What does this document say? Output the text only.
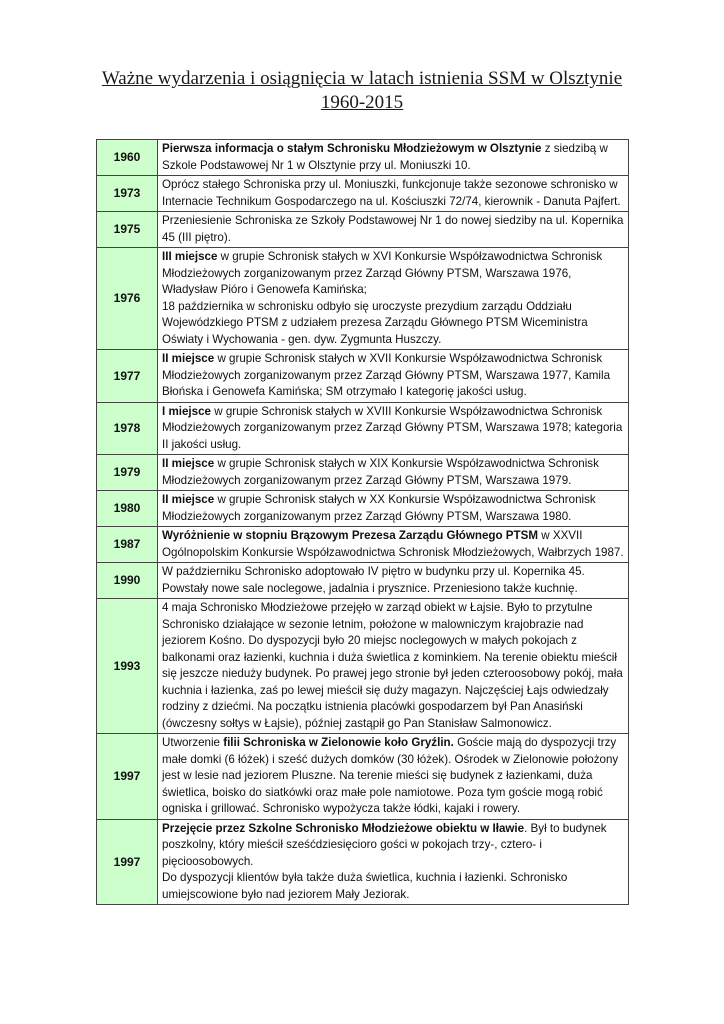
Ważne wydarzenia i osiągnięcia w latach istnienia SSM w Olsztynie
1960-2015
1960	Pierwsza informacja o stałym Schronisku Młodzieżowym w Olsztynie z siedzibą w Szkole Podstawowej Nr 1 w Olsztynie przy ul. Moniuszki 10.

1973	Oprócz stałego Schroniska przy ul. Moniuszki, funkcjonuje także sezonowe schronisko w Internacie Technikum Gospodarczego na ul. Kościuszki 72/74, kierownik - Danuta Pajfert.

1975	Przeniesienie Schroniska ze Szkoły Podstawowej Nr 1 do nowej siedziby na ul. Kopernika 45 (III piętro).

1976	III miejsce w grupie Schronisk stałych w XVI Konkursie Współzawodnictwa Schronisk Młodzieżowych zorganizowanym przez Zarząd Główny PTSM, Warszawa 1976, Władysław Pióro i Genowefa Kamińska;
18 października w schronisku odbyło się uroczyste prezydium zarządu Oddziału Wojewódzkiego PTSM z udziałem prezesa Zarządu Głównego PTSM Wiceministra Oświaty i Wychowania - gen. dyw. Zygmunta Huszczy.

1977	II miejsce w grupie Schronisk stałych w XVII Konkursie Współzawodnictwa Schronisk Młodzieżowych zorganizowanym przez Zarząd Główny PTSM, Warszawa 1977, Kamila Błońska i Genowefa Kamińska; SM otrzymało I kategorię jakości usług.

1978	I miejsce w grupie Schronisk stałych w XVIII Konkursie Współzawodnictwa Schronisk Młodzieżowych zorganizowanym przez Zarząd Główny PTSM, Warszawa 1978; kategoria II jakości usług.

1979	II miejsce w grupie Schronisk stałych w XIX Konkursie Współzawodnictwa Schronisk Młodzieżowych zorganizowanym przez Zarząd Główny PTSM, Warszawa 1979.

1980	II miejsce w grupie Schronisk stałych w XX Konkursie Współzawodnictwa Schronisk Młodzieżowych zorganizowanym przez Zarząd Główny PTSM, Warszawa 1980.

1987	Wyróżnienie w stopniu Brązowym Prezesa Zarządu Głównego PTSM w XXVII Ogólnopolskim Konkursie Współzawodnictwa Schronisk Młodzieżowych, Wałbrzych 1987.

1990	W październiku Schronisko adoptowało IV piętro w budynku przy ul. Kopernika 45. Powstały nowe sale noclegowe, jadalnia i prysznice. Przeniesiono także kuchnię.

1993	4 maja Schronisko Młodzieżowe przejęło w zarząd obiekt w Łajsie. Było to przytulne Schronisko działające w sezonie letnim, położone w malowniczym krajobrazie nad jeziorem Kośno. Do dyspozycji było 20 miejsc noclegowych w małych pokojach z balkonami oraz łazienki, kuchnia i duża świetlica z kominkiem. Na terenie obiektu mieścił się jeszcze nieduży budynek. Po prawej jego stronie był jeden czteroosobowy pokój, mała kuchnia i łazienka, zaś po lewej mieścił się duży magazyn. Najczęściej Łajs odwiedzały rodziny z dziećmi. Na początku istnienia placówki gospodarzem był Pan Anasiński (ówczesny sołtys w Łajsie), później zastąpił go Pan Stanisław Salmonowicz.

1997	Utworzenie filii Schroniska w Zielonowie koło Gryźlin. Goście mają do dyspozycji trzy małe domki (6 łóżek) i sześć dużych domków (30 łóżek). Ośrodek w Zielonowie położony jest w lesie nad jeziorem Pluszne. Na terenie mieści się budynek z łazienkami, duża świetlica, boisko do siatkówki oraz małe pole namiotowe. Poza tym goście mogą robić ogniska i grillować. Schronisko wypożycza także łódki, kajaki i rowery.

1997	Przejęcie przez Szkolne Schronisko Młodzieżowe obiektu w Iławie. Był to budynek poszkolny, który mieścił sześćdziesięcioro gości w pokojach trzy-, cztero- i pięcioosobowych.
Do dyspozycji klientów była także duża świetlica, kuchnia i łazienki. Schronisko umiejscowione było nad jeziorem Mały Jeziorak.
